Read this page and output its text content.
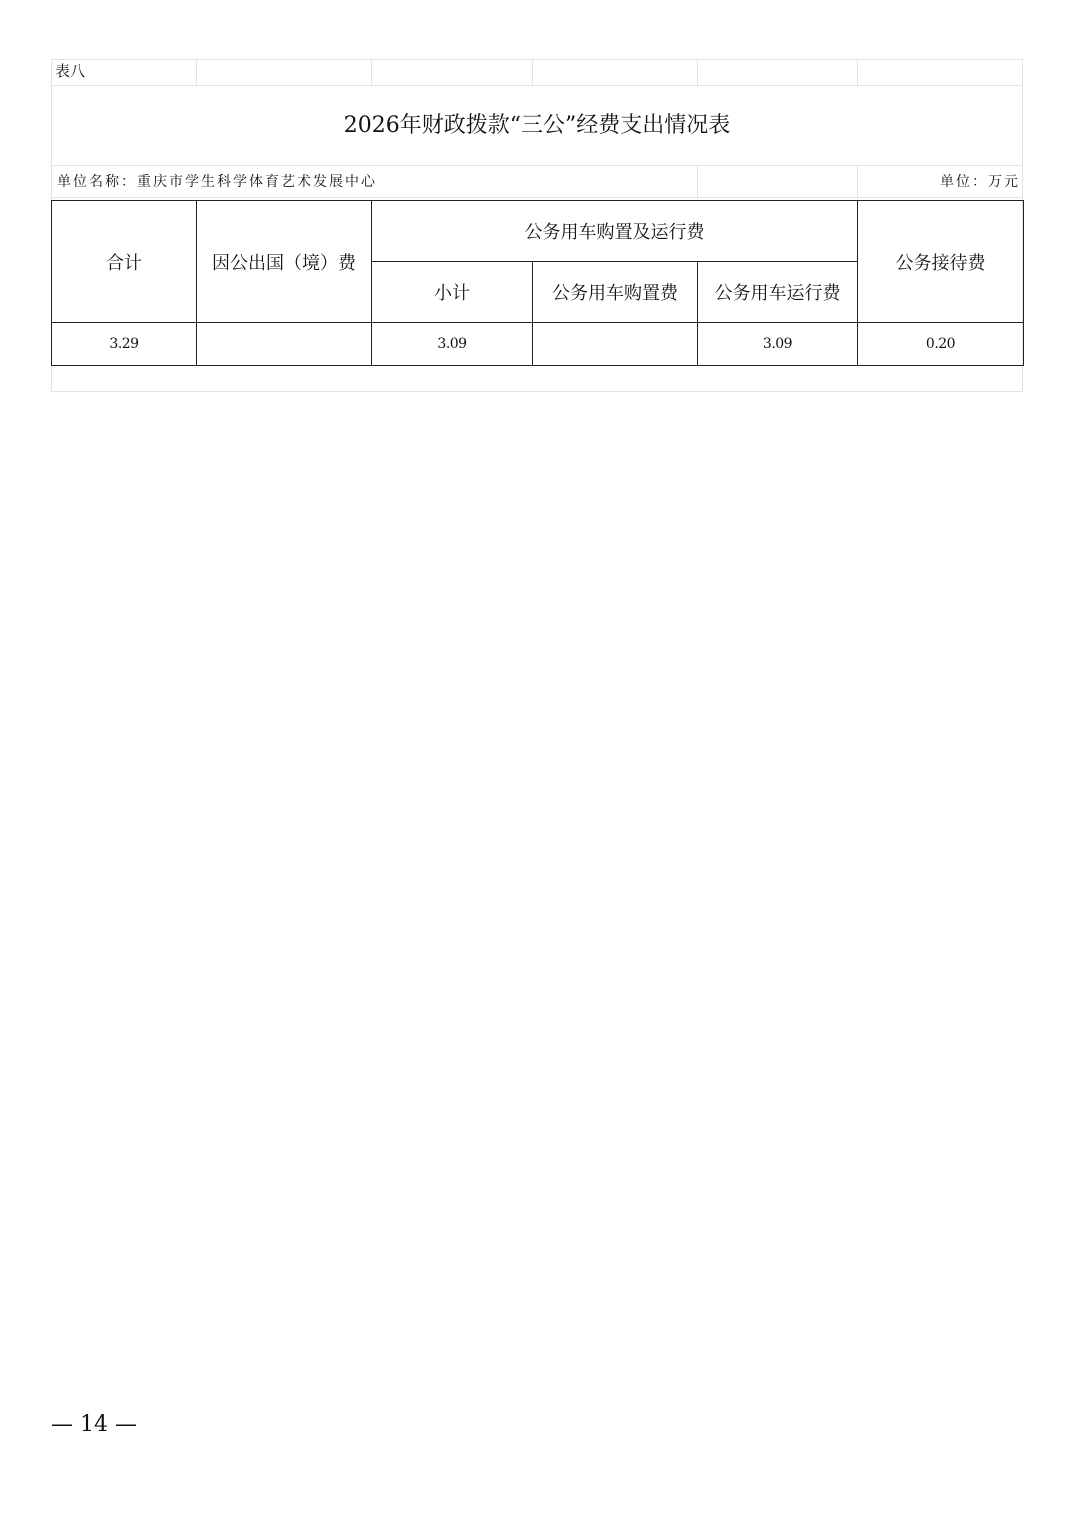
表八
2026年财政拨款“三公”经费支出情况表
单位名称：重庆市学生科学体育艺术发展中心	单位：万元
合计	因公出国（境）费	公务用车购置及运行费			公务接待费
		小计	公务用车购置费	公务用车运行费	
3.29		3.09		3.09	0.20
— 14 —
